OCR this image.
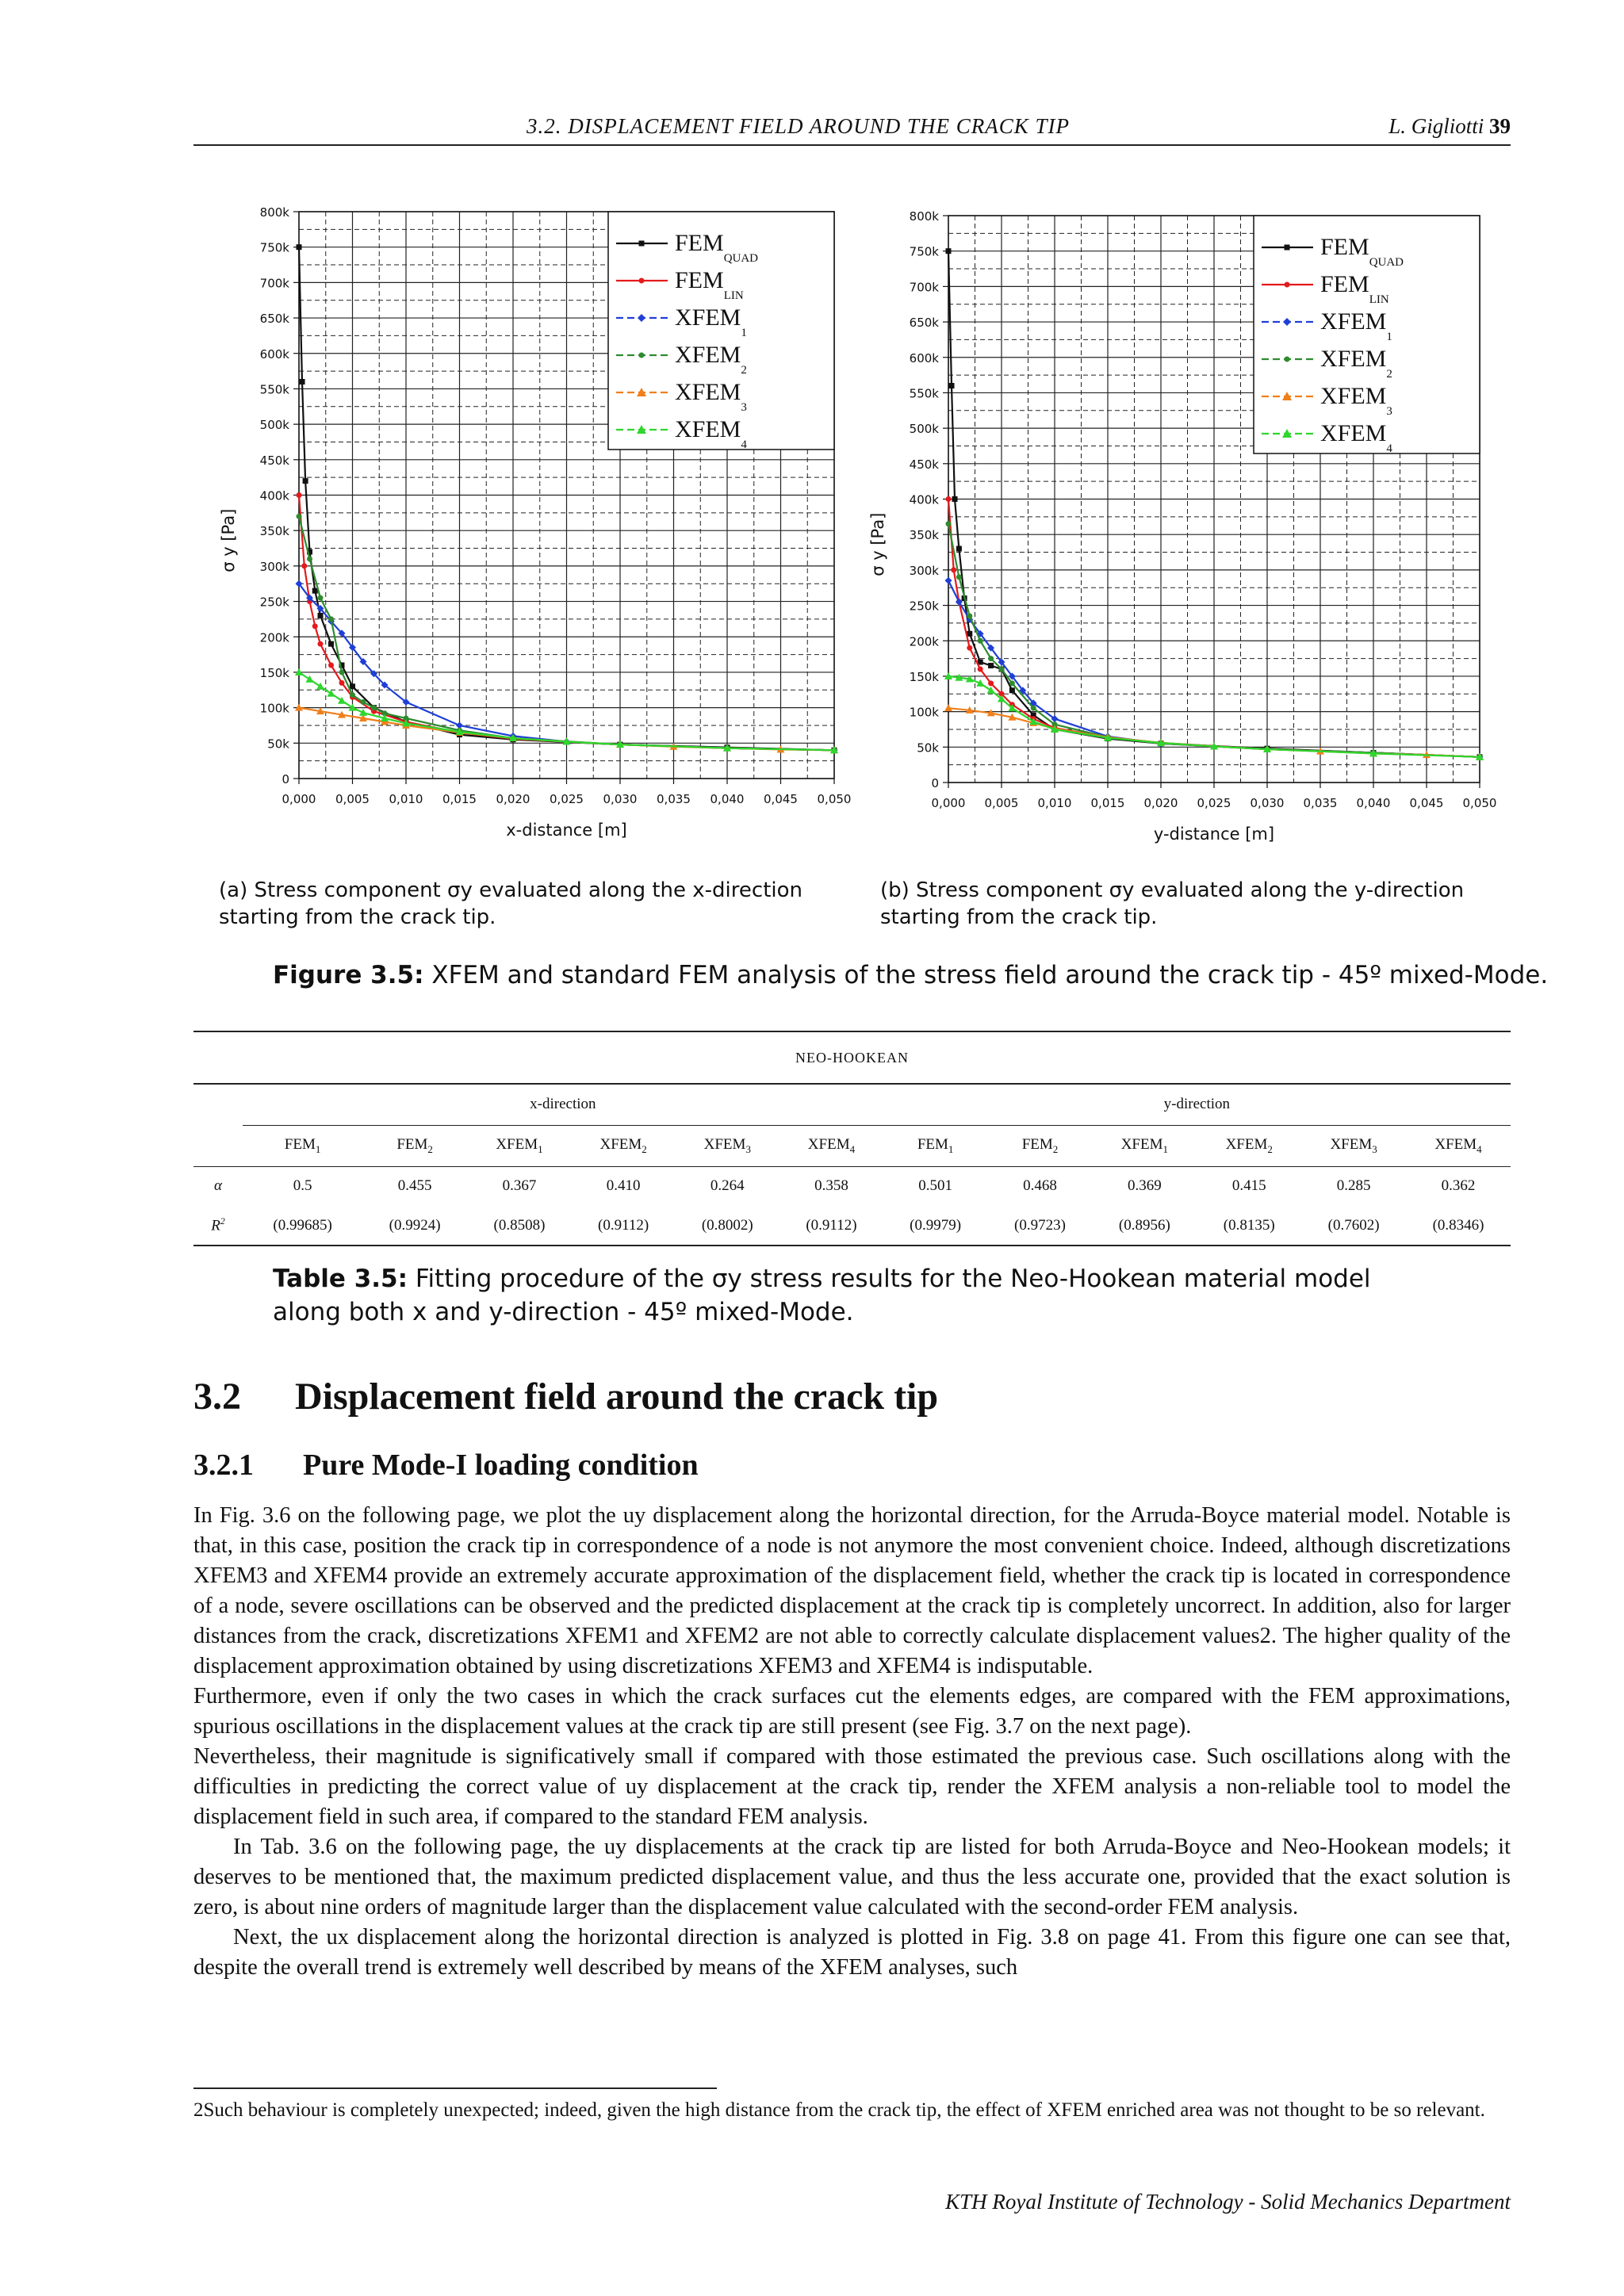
3.2. DISPLACEMENT FIELD AROUND THE CRACK TIP	L. Gigliotti 39
0
50k
100k
150k
200k
250k
300k
350k
400k
450k
500k
550k
600k
650k
700k
750k
800k
0,000 0,005 0,010 0,015 0,020 0,025 0,030 0,035 0,040 0,045 0,050
x-distance [m]
σ y [Pa]
$FEM_{QUAD}$
$FEM_{LIN}$
$XFEM_1$
$XFEM_2$
$XFEM_3$
$XFEM_4$
0
50k
100k
150k
200k
250k
300k
350k
400k
450k
500k
550k
600k
650k
700k
750k
800k
0,000 0,005 0,010 0,015 0,020 0,025 0,030 0,035 0,040 0,045 0,050
y-distance [m]
σ y [Pa]
$FEM_{QUAD}$
$FEM_{LIN}$
$XFEM_1$
$XFEM_2$
$XFEM_3$
$XFEM_4$
(a) Stress component σy evaluated along the x-direction starting from the crack tip.
(b) Stress component σy evaluated along the y-direction starting from the crack tip.
Figure 3.5: XFEM and standard FEM analysis of the stress field around the crack tip - 45º mixed-Mode.
NEO-HOOKEAN												
	x-direction						y-direction					
	$FEM_1$	$FEM_2$	$XFEM_1$	$XFEM_2$	$XFEM_3$	$XFEM_4$	$FEM_1$	$FEM_2$	$XFEM_1$	$XFEM_2$	$XFEM_3$	$XFEM_4$
α	0.5	0.455	0.367	0.410	0.264	0.358	0.501	0.468	0.369	0.415	0.285	0.362
$R^2$	(0.99685)	(0.9924)	(0.8508)	(0.9112)	(0.8002)	(0.9112)	(0.9979)	(0.9723)	(0.8956)	(0.8135)	(0.7602)	(0.8346)
Table 3.5: Fitting procedure of the σy stress results for the Neo-Hookean material model along both x and y-direction - 45º mixed-Mode.
3.2 Displacement field around the crack tip
3.2.1 Pure Mode-I loading condition

In Fig. 3.6 on the following page, we plot the uy displacement along the horizontal direction, for the Arruda-Boyce material model. Notable is that, in this case, position the crack tip in correspondence of a node is not anymore the most convenient choice. Indeed, although discretizations XFEM3 and XFEM4 provide an extremely accurate approximation of the displacement field, whether the crack tip is located in correspondence of a node, severe oscillations can be observed and the predicted displacement at the crack tip is completely uncorrect. In addition, also for larger distances from the crack, discretizations XFEM1 and XFEM2 are not able to correctly calculate displacement values2. The higher quality of the displacement approximation obtained by using discretizations XFEM3 and XFEM4 is indisputable.

Furthermore, even if only the two cases in which the crack surfaces cut the elements edges, are compared with the FEM approximations, spurious oscillations in the displacement values at the crack tip are still present (see Fig. 3.7 on the next page).

Nevertheless, their magnitude is significatively small if compared with those estimated the previous case. Such oscillations along with the difficulties in predicting the correct value of uy displacement at the crack tip, render the XFEM analysis a non-reliable tool to model the displacement field in such area, if compared to the standard FEM analysis.

In Tab. 3.6 on the following page, the uy displacements at the crack tip are listed for both Arruda-Boyce and Neo-Hookean models; it deserves to be mentioned that, the maximum predicted displacement value, and thus the less accurate one, provided that the exact solution is zero, is about nine orders of magnitude larger than the displacement value calculated with the second-order FEM analysis.

Next, the ux displacement along the horizontal direction is analyzed is plotted in Fig. 3.8 on page 41. From this figure one can see that, despite the overall trend is extremely well described by means of the XFEM analyses, such

2Such behaviour is completely unexpected; indeed, given the high distance from the crack tip, the effect of XFEM enriched area was not thought to be so relevant.
KTH Royal Institute of Technology - Solid Mechanics Department
